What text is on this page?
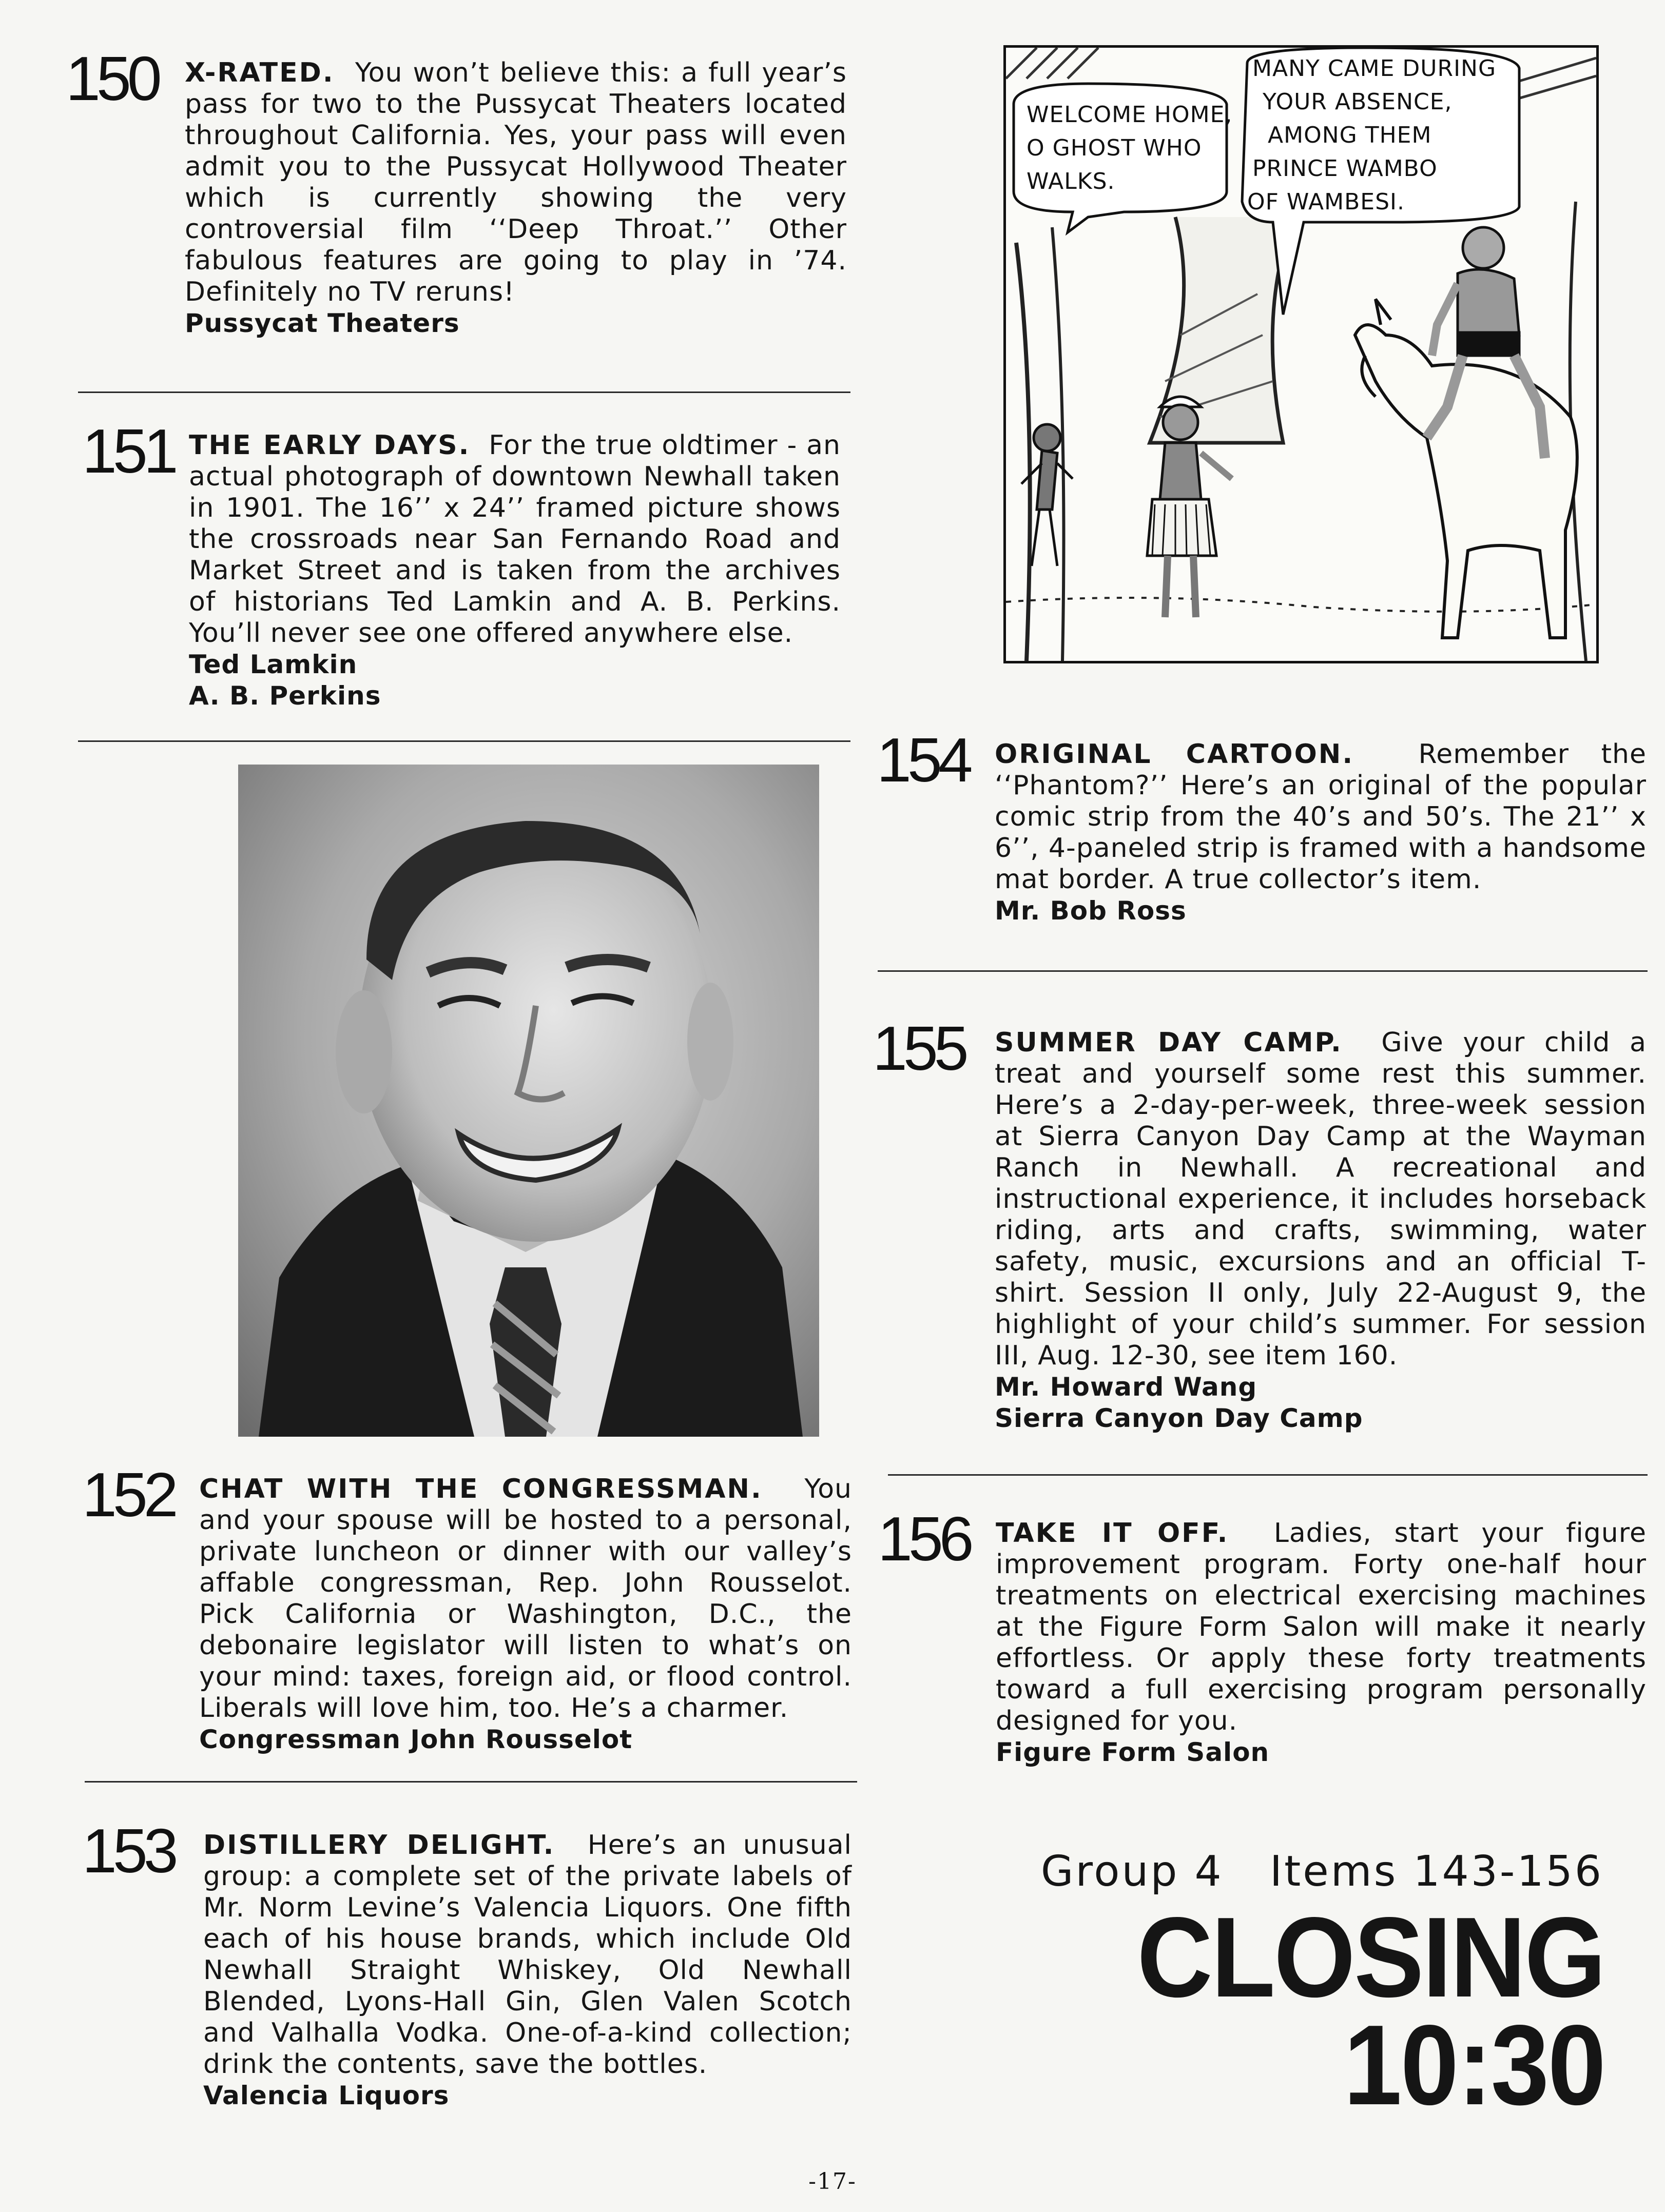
150 X-RATED. You won’t believe this: a full year’s pass for two to the Pussycat Theaters located throughout California. Yes, your pass will even admit you to the Pussycat Hollywood Theater which is currently showing the very controversial film ‘‘Deep Throat.’’ Other fabulous features are going to play in ’74. Definitely no TV reruns!
Pussycat Theaters
151 THE EARLY DAYS. For the true oldtimer - an actual photograph of downtown Newhall taken in 1901. The 16’’ x 24’’ framed picture shows the crossroads near San Fernando Road and Market Street and is taken from the archives of historians Ted Lamkin and A. B. Perkins. You’ll never see one offered anywhere else.
Ted Lamkin
A. B. Perkins
152 CHAT WITH THE CONGRESSMAN. You and your spouse will be hosted to a personal, private luncheon or dinner with our valley’s affable congressman, Rep. John Rousselot. Pick California or Washington, D.C., the debonaire legislator will listen to what’s on your mind: taxes, foreign aid, or flood control. Liberals will love him, too. He’s a charmer.
Congressman John Rousselot
153 DISTILLERY DELIGHT. Here’s an unusual group: a complete set of the private labels of Mr. Norm Levine’s Valencia Liquors. One fifth each of his house brands, which include Old Newhall Straight Whiskey, Old Newhall Blended, Lyons-Hall Gin, Glen Valen Scotch and Valhalla Vodka. One-of-a-kind collection; drink the contents, save the bottles.
Valencia Liquors
WELCOME HOME,
O GHOST WHO
WALKS.
MANY CAME DURING
YOUR ABSENCE,
AMONG THEM
PRINCE WAMBO
OF WAMBESI.
154 ORIGINAL CARTOON. Remember the ‘‘Phantom?’’ Here’s an original of the popular comic strip from the 40’s and 50’s. The 21’’ x 6’’, 4-paneled strip is framed with a handsome mat border. A true collector’s item.
Mr. Bob Ross
155 SUMMER DAY CAMP. Give your child a treat and yourself some rest this summer. Here’s a 2-day-per-week, three-week session at Sierra Canyon Day Camp at the Wayman Ranch in Newhall. A recreational and instructional experience, it includes horseback riding, arts and crafts, swimming, water safety, music, excursions and an official T-shirt. Session II only, July 22-August 9, the highlight of your child’s summer. For session III, Aug. 12-30, see item 160.
Mr. Howard Wang
Sierra Canyon Day Camp
156 TAKE IT OFF. Ladies, start your figure improvement program. Forty one-half hour treatments on electrical exercising machines at the Figure Form Salon will make it nearly effortless. Or apply these forty treatments toward a full exercising program personally designed for you.
Figure Form Salon
Group 4 Items 143-156
CLOSING
10:30
-17-
